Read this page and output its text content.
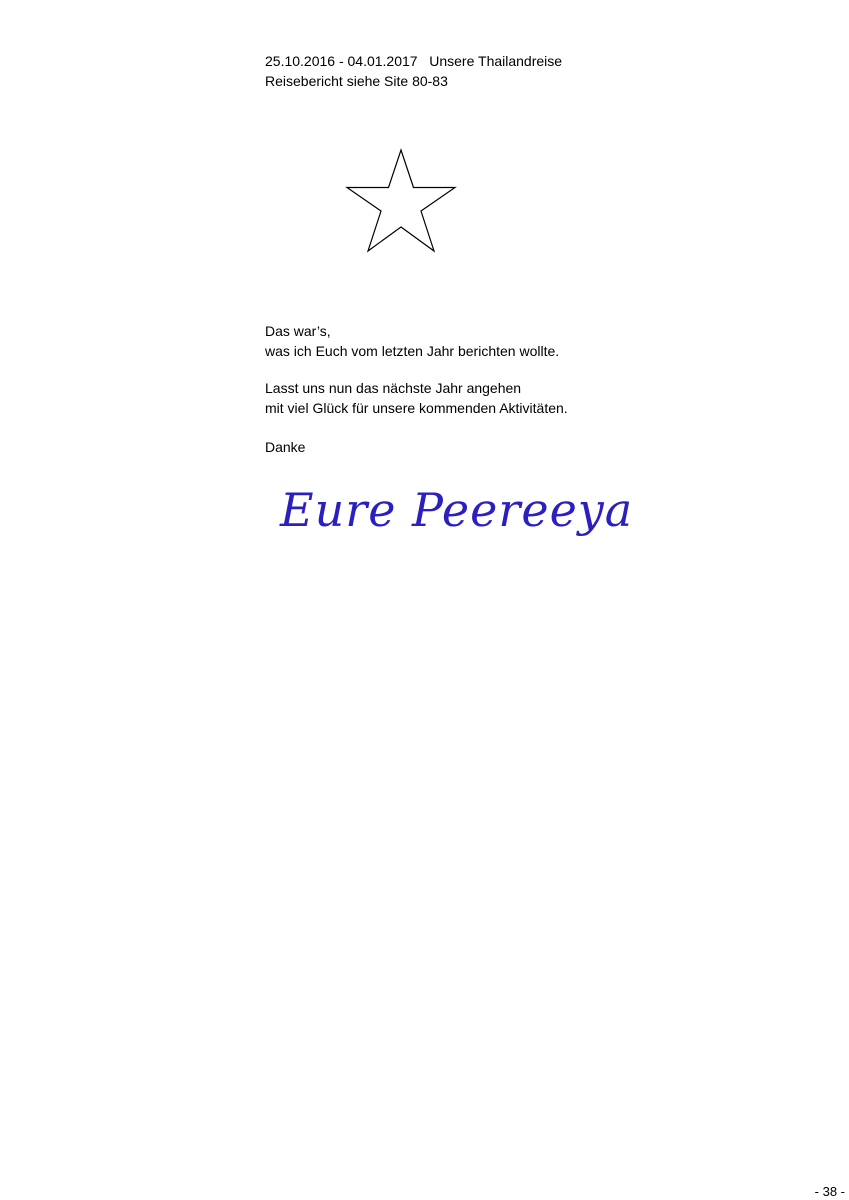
25.10.2016 - 04.01.2017 Unsere Thailandreise
Reisebericht siehe Site 80-83
Das war’s,
was ich Euch vom letzten Jahr berichten wollte.
Lasst uns nun das nächste Jahr angehen
mit viel Glück für unsere kommenden Aktivitäten.
Danke
Eure Peereeya
- 38 -
